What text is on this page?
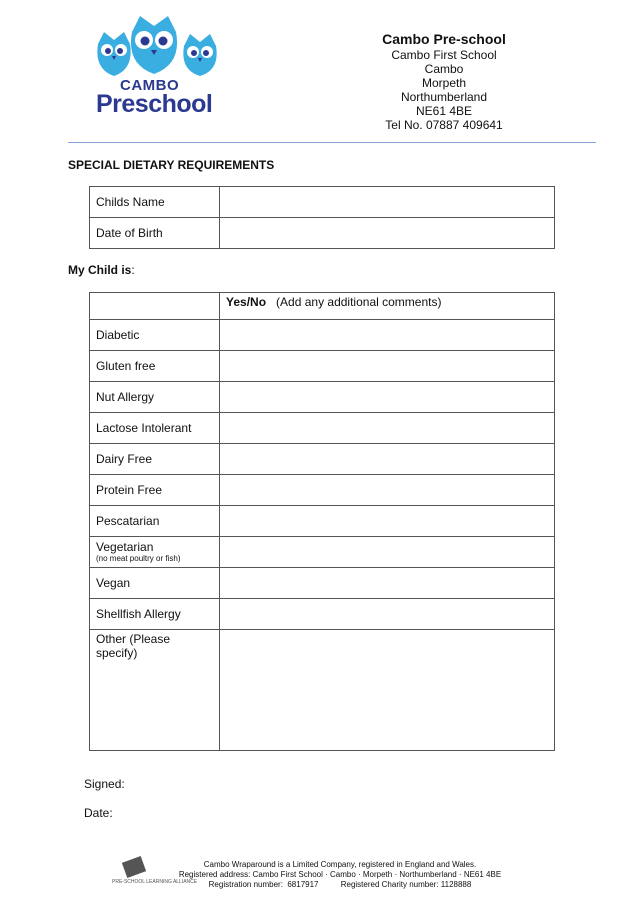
CAMBO
Preschool
Cambo Pre-school
Cambo First School
Cambo
Morpeth
Northumberland
NE61 4BE
Tel No. 07887 409641
SPECIAL DIETARY REQUIREMENTS
Childs Name	
Date of Birth	
My Child is:
	Yes/No (Add any additional comments)
Diabetic	
Gluten free	
Nut Allergy	
Lactose Intolerant	
Dairy Free	
Protein Free	
Pescatarian	
Vegetarian
(no meat poultry or fish)	

Vegan	
Shellfish Allergy	
Other (Please specify)	
Signed:
Date:
PRE-SCHOOL LEARNING ALLIANCE
Cambo Wraparound is a Limited Company, registered in England and Wales.
Registered address: Cambo First School · Cambo · Morpeth · Northumberland · NE61 4BE
Registration number:  6817917          Registered Charity number: 1128888
